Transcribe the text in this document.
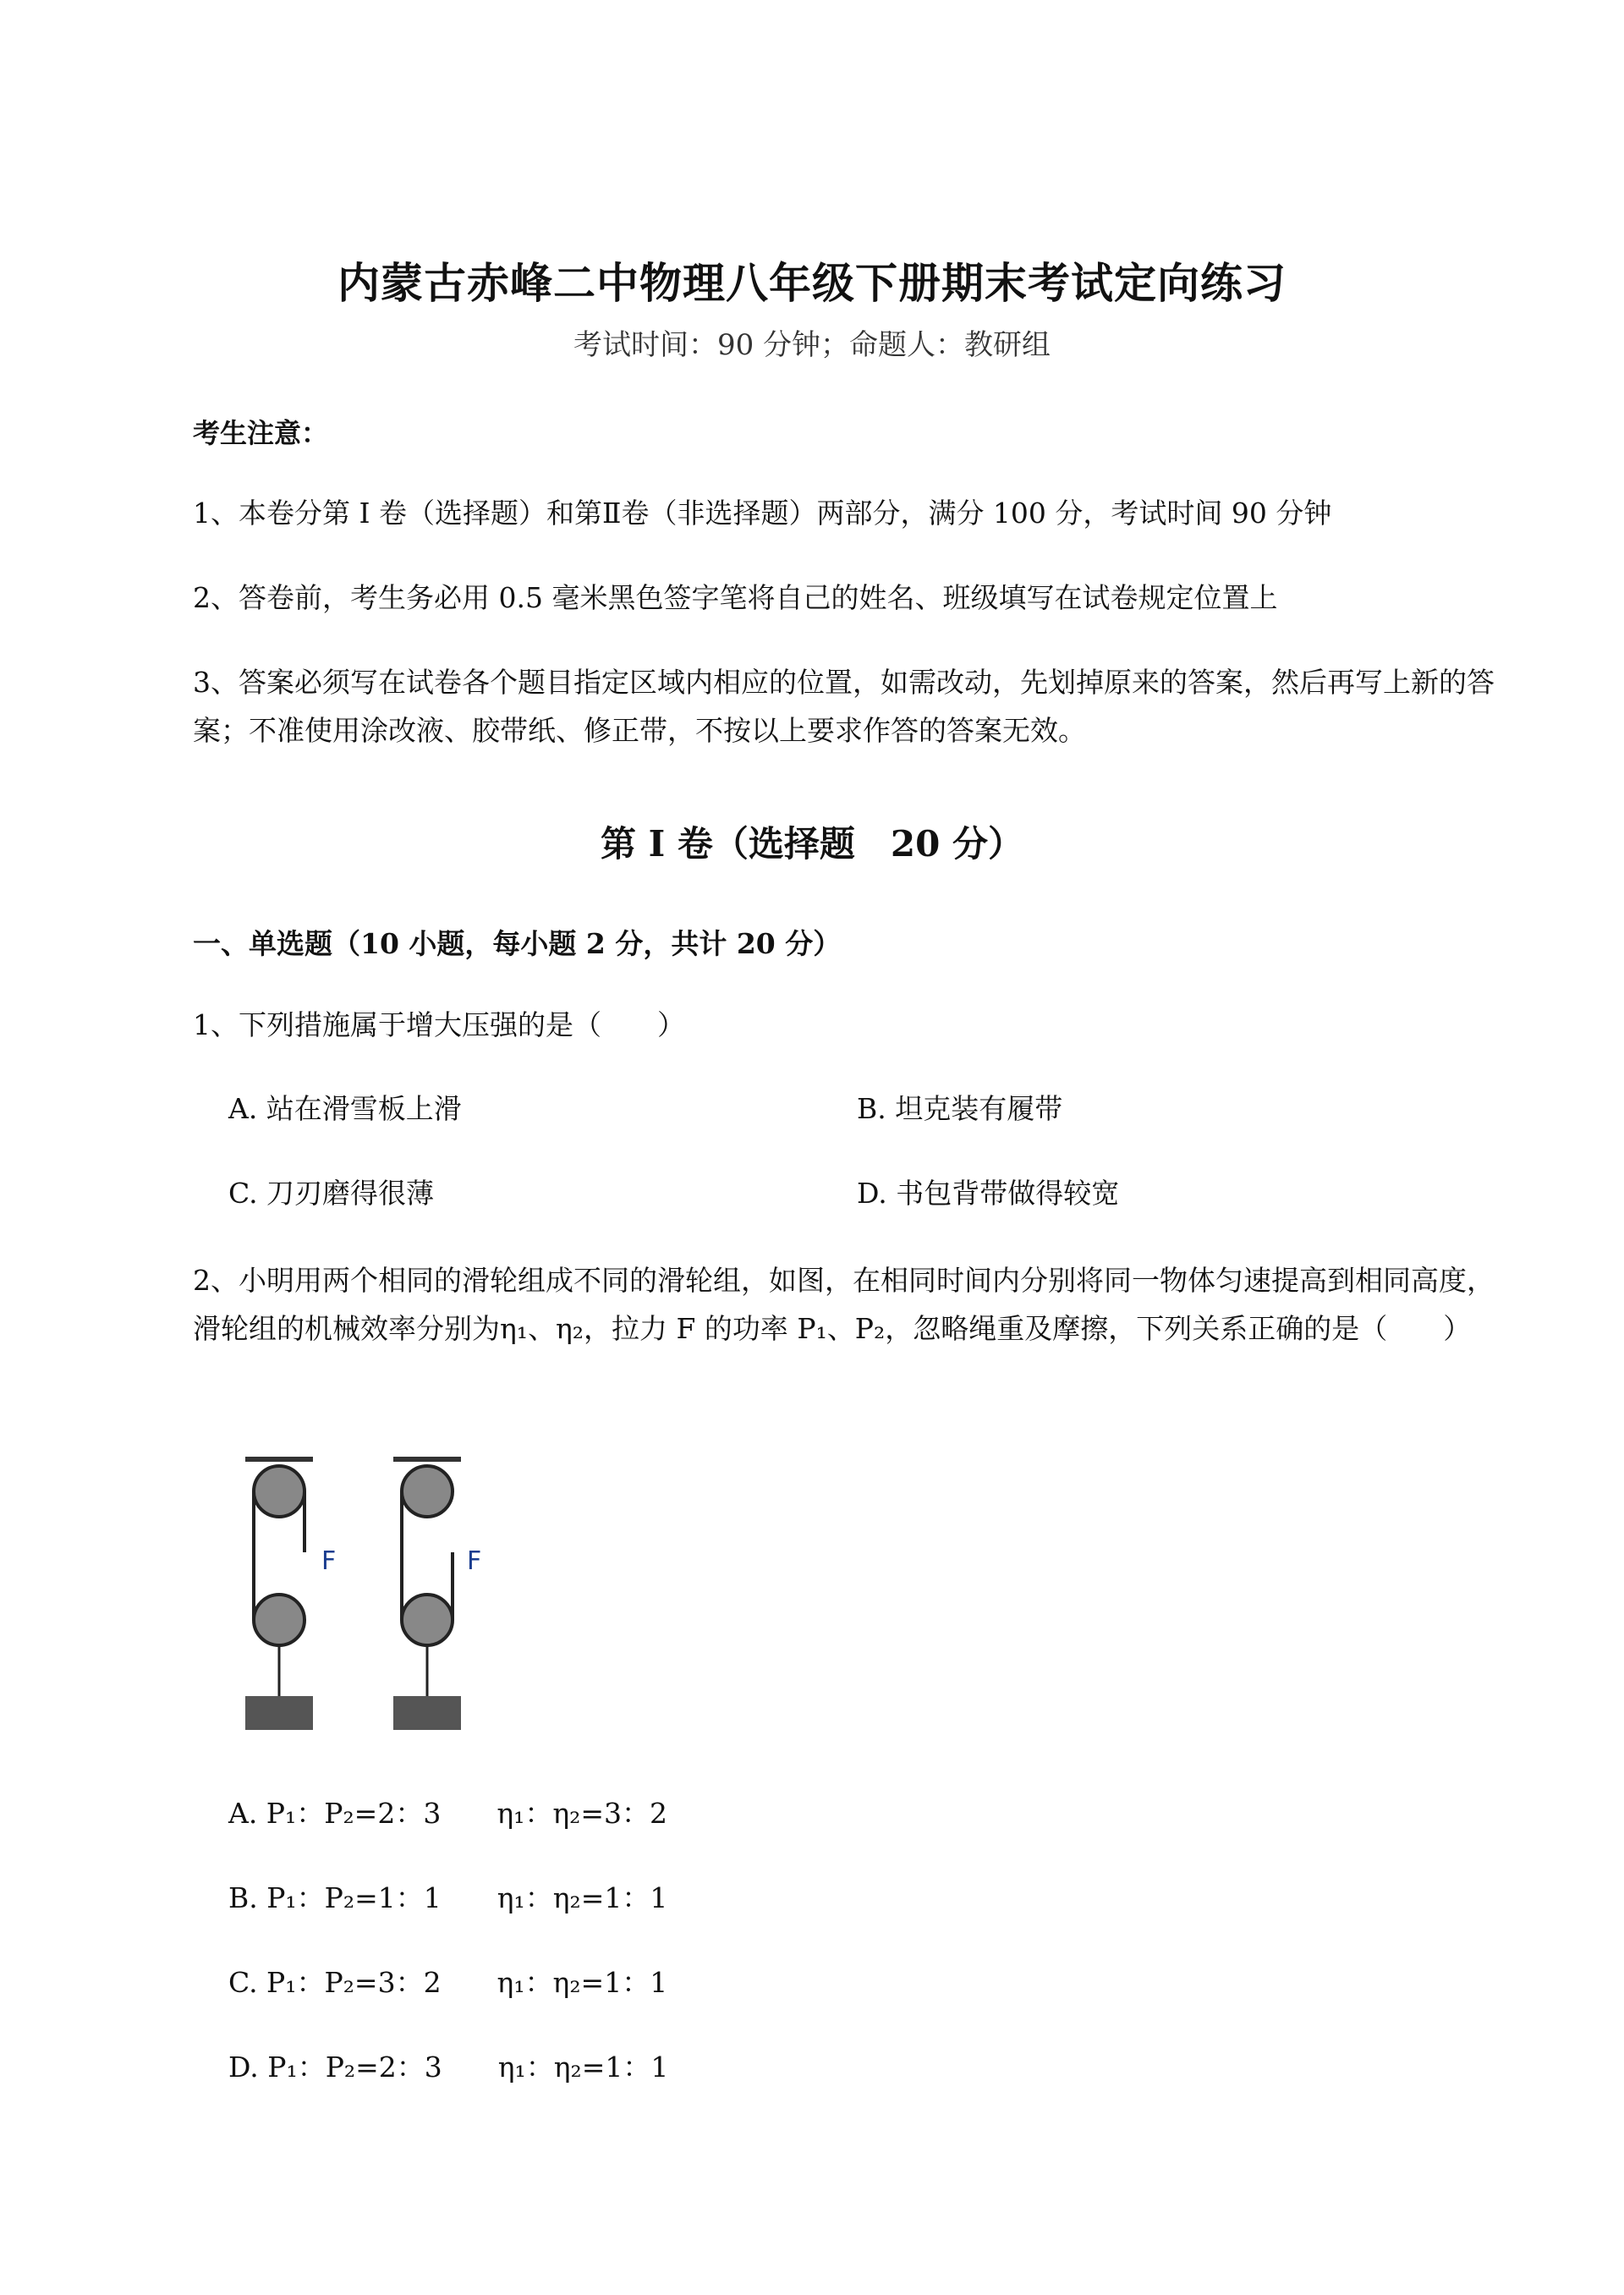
内蒙古赤峰二中物理八年级下册期末考试定向练习
考试时间：90 分钟；命题人：教研组
考生注意：
1、本卷分第 I 卷（选择题）和第Ⅱ卷（非选择题）两部分，满分 100 分，考试时间 90 分钟
2、答卷前，考生务必用 0.5 毫米黑色签字笔将自己的姓名、班级填写在试卷规定位置上
3、答案必须写在试卷各个题目指定区域内相应的位置，如需改动，先划掉原来的答案，然后再写上新的答案；不准使用涂改液、胶带纸、修正带，不按以上要求作答的答案无效。
第 I 卷（选择题　20 分）
一、单选题（10 小题，每小题 2 分，共计 20 分）
1、下列措施属于增大压强的是（　　）
A. 站在滑雪板上滑	B. 坦克装有履带
C. 刀刃磨得很薄	D. 书包背带做得较宽
2、小明用两个相同的滑轮组成不同的滑轮组，如图，在相同时间内分别将同一物体匀速提高到相同高度，滑轮组的机械效率分别为η₁、η₂，拉力 F 的功率 P₁、P₂，忽略绳重及摩擦，下列关系正确的是（　　）
F	F
A. P₁：P₂=2：3　　η₁：η₂=3：2
B. P₁：P₂=1：1　　η₁：η₂=1：1
C. P₁：P₂=3：2　　η₁：η₂=1：1
D. P₁：P₂=2：3　　η₁：η₂=1：1
